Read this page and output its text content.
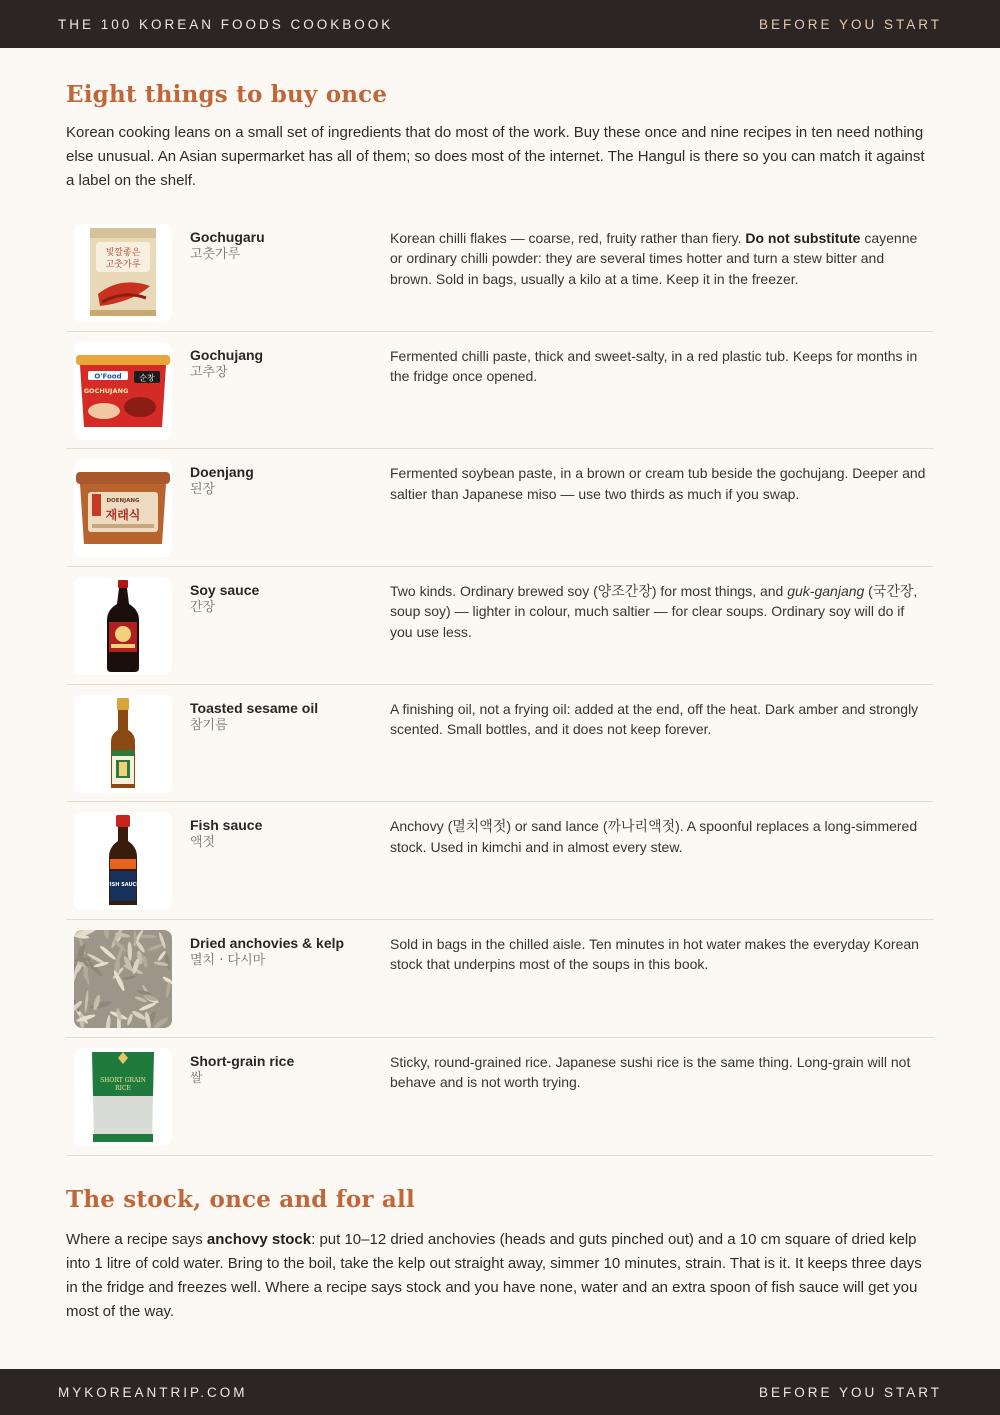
THE 100 KOREAN FOODS COOKBOOK	BEFORE YOU START
Eight things to buy once

Korean cooking leans on a small set of ingredients that do most of the work. Buy these once and nine recipes in ten need nothing else unusual. An Asian supermarket has all of them; so does most of the internet. The Hangul is there so you can match it against a label on the shelf.

빛깔좋은
고춧가루
Gochugaru
고춧가루
Korean chilli flakes — coarse, red, fruity rather than fiery. Do not substitute cayenne or ordinary chilli powder: they are several times hotter and turn a stew bitter and brown. Sold in bags, usually a kilo at a time. Keep it in the freezer.
O'Food 순창
GOCHUJANG
Gochujang
고추장
Fermented chilli paste, thick and sweet-salty, in a red plastic tub. Keeps for months in the fridge once opened.
DOENJANG
재래식
Doenjang
된장
Fermented soybean paste, in a brown or cream tub beside the gochujang. Deeper and saltier than Japanese miso — use two thirds as much if you swap.
Soy sauce
간장
Two kinds. Ordinary brewed soy (양조간장) for most things, and guk-ganjang (국간장, soup soy) — lighter in colour, much saltier — for clear soups. Ordinary soy will do if you use less.
Toasted sesame oil
참기름
A finishing oil, not a frying oil: added at the end, off the heat. Dark amber and strongly scented. Small bottles, and it does not keep forever.
FISH SAUCE
Fish sauce
액젓
Anchovy (멸치액젓) or sand lance (까나리액젓). A spoonful replaces a long-simmered stock. Used in kimchi and in almost every stew.
Dried anchovies & kelp
멸치 · 다시마
Sold in bags in the chilled aisle. Ten minutes in hot water makes the everyday Korean stock that underpins most of the soups in this book.
SHORT GRAIN
RICE
Short-grain rice
쌀
Sticky, round-grained rice. Japanese sushi rice is the same thing. Long-grain will not behave and is not worth trying.
The stock, once and for all

Where a recipe says anchovy stock: put 10–12 dried anchovies (heads and guts pinched out) and a 10 cm square of dried kelp into 1 litre of cold water. Bring to the boil, take the kelp out straight away, simmer 10 minutes, strain. That is it. It keeps three days in the fridge and freezes well. Where a recipe says stock and you have none, water and an extra spoon of fish sauce will get you most of the way.

MYKOREANTRIP.COM	BEFORE YOU START
